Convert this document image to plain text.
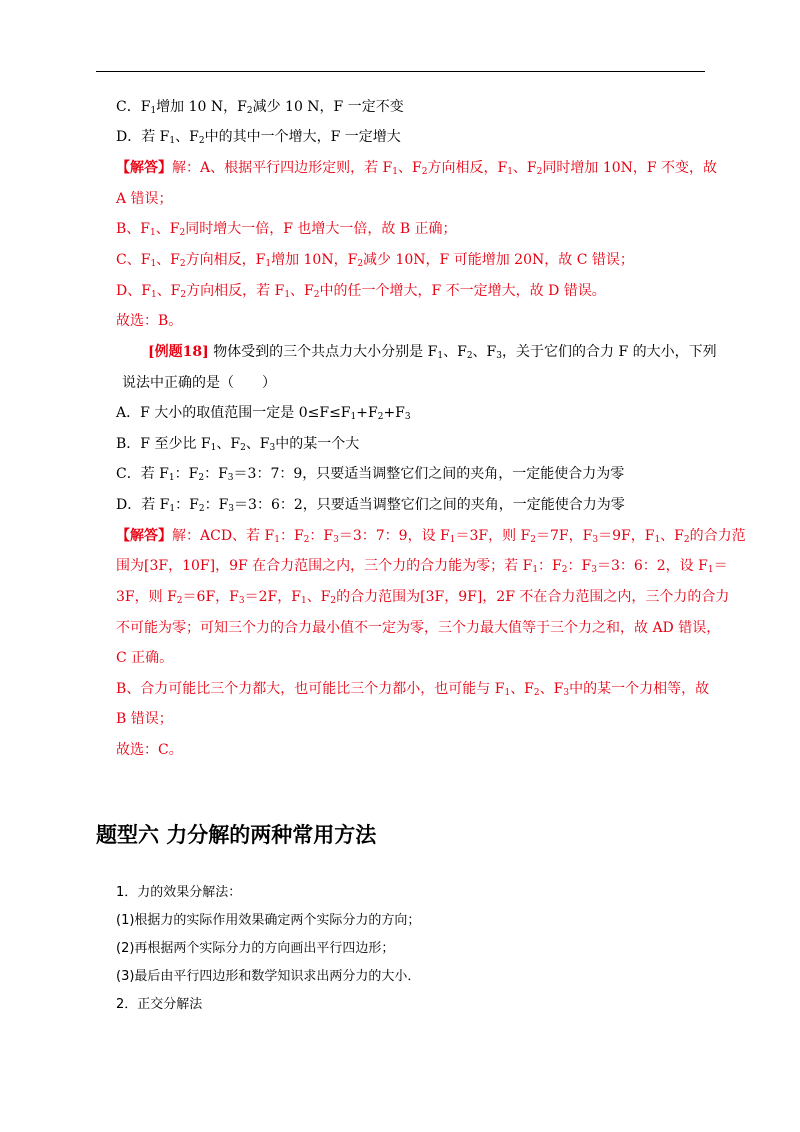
C．$F_1$增加 10 N，$F_2$减少 10 N，F 一定不变
D．若 $F_1$、$F_2$中的其中一个增大，F 一定增大
【解答】解：A、根据平行四边形定则，若 $F_1$、$F_2$方向相反，$F_1$、$F_2$同时增加 10N，F 不变，故
A 错误；
B、$F_1$、$F_2$同时增大一倍，F 也增大一倍，故 B 正确；
C、$F_1$、$F_2$方向相反，$F_1$增加 10N，$F_2$减少 10N，F 可能增加 20N，故 C 错误；
D、$F_1$、$F_2$方向相反，若 $F_1$、$F_2$中的任一个增大，F 不一定增大，故 D 错误。
故选：B。
[例题18] 物体受到的三个共点力大小分别是 $F_1$、$F_2$、$F_3$，关于它们的合力 F 的大小，下列
说法中正确的是（　　）
A．F 大小的取值范围一定是 $0\le F\le F_1+F_2+F_3$
B．F 至少比 $F_1$、$F_2$、$F_3$中的某一个大
C．若 $F_1$：$F_2$：$F_3=3$：7：9，只要适当调整它们之间的夹角，一定能使合力为零
D．若 $F_1$：$F_2$：$F_3=3$：6：2，只要适当调整它们之间的夹角，一定能使合力为零
【解答】解：ACD、若 $F_1$：$F_2$：$F_3=3$：7：9，设 $F_1=3F$，则 $F_2=7F$，$F_3=9F$，$F_1$、$F_2$的合力范
围为[3F，10F]，9F 在合力范围之内，三个力的合力能为零；若 $F_1$：$F_2$：$F_3=3$：6：2，设 $F_1=$
3F，则 $F_2=6F$，$F_3=2F$，$F_1$、$F_2$的合力范围为[3F，9F]，2F 不在合力范围之内，三个力的合力
不可能为零；可知三个力的合力最小值不一定为零，三个力最大值等于三个力之和，故 AD 错误，
C 正确。
B、合力可能比三个力都大，也可能比三个力都小，也可能与 $F_1$、$F_2$、$F_3$中的某一个力相等，故
B 错误；
故选：C。
题型六 力分解的两种常用方法
1．力的效果分解法：
(1)根据力的实际作用效果确定两个实际分力的方向；
(2)再根据两个实际分力的方向画出平行四边形；
(3)最后由平行四边形和数学知识求出两分力的大小．
2．正交分解法
